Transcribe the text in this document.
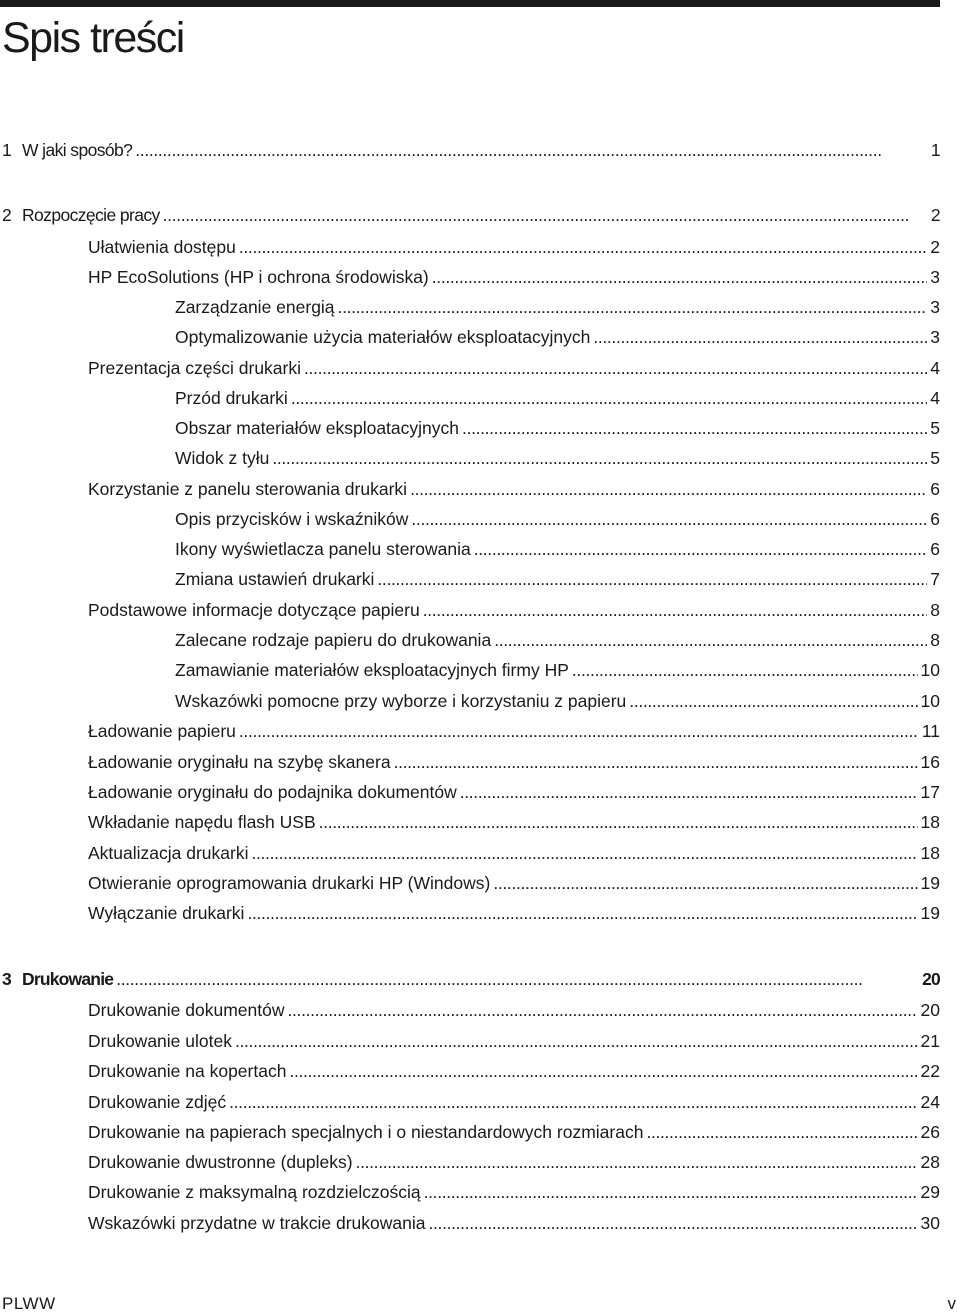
Spis treści
1 W jaki sposób? . . .	1
2 Rozpoczęcie pracy . . .	2
Ułatwienia dostępu . . .	2
HP EcoSolutions (HP i ochrona środowiska) . . .	3
Zarządzanie energią . . .	3
Optymalizowanie użycia materiałów eksploatacyjnych . . .	3
Prezentacja części drukarki . . .	4
Przód drukarki . . .	4
Obszar materiałów eksploatacyjnych . . .	5
Widok z tyłu . . .	5
Korzystanie z panelu sterowania drukarki . . .	6
Opis przycisków i wskaźników . . .	6
Ikony wyświetlacza panelu sterowania . . .	6
Zmiana ustawień drukarki . . .	7
Podstawowe informacje dotyczące papieru . . .	8
Zalecane rodzaje papieru do drukowania . . .	8
Zamawianie materiałów eksploatacyjnych firmy HP . . .	10
Wskazówki pomocne przy wyborze i korzystaniu z papieru . . .	10
Ładowanie papieru . . .	11
Ładowanie oryginału na szybę skanera . . .	16
Ładowanie oryginału do podajnika dokumentów . . .	17
Wkładanie napędu flash USB . . .	18
Aktualizacja drukarki . . .	18
Otwieranie oprogramowania drukarki HP (Windows) . . .	19
Wyłączanie drukarki . . .	19
3 Drukowanie . . .	20
Drukowanie dokumentów . . .	20
Drukowanie ulotek . . .	21
Drukowanie na kopertach . . .	22
Drukowanie zdjęć . . .	24
Drukowanie na papierach specjalnych i o niestandardowych rozmiarach . . .	26
Drukowanie dwustronne (dupleks) . . .	28
Drukowanie z maksymalną rozdzielczością . . .	29
Wskazówki przydatne w trakcie drukowania . . .	30
PLWW	v
